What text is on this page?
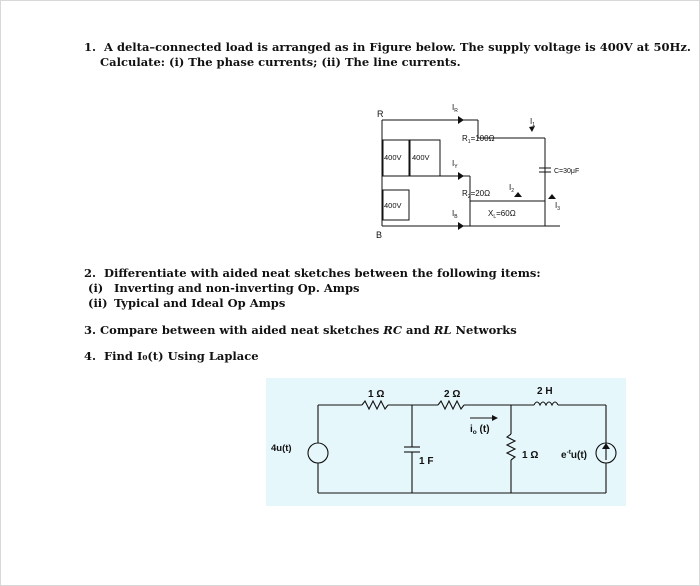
1. A delta–connected load is arranged as in Figure below. The supply voltage is 400V at 50Hz.
Calculate: (i) The phase currents; (ii) The line currents.
R
B
400V 400V
400V
$I_R$
$I_Y$
$I_B$
$I_1$
$I_2$
$I_3$
$R_1=100\Omega$
$R_2=20\Omega$
$X_L=60\Omega$
C=30μF
2. Differentiate with aided neat sketches between the following items:
(i) Inverting and non-inverting Op. Amps
(ii) Typical and Ideal Op Amps
3. Compare between with aided neat sketches RC and RL Networks
4. Find I₀(t) Using Laplace
4u(t)
1 Ω	2 Ω	2 H
1 F
$i_o$ (t)
1 Ω $e^{-t}u(t)$
